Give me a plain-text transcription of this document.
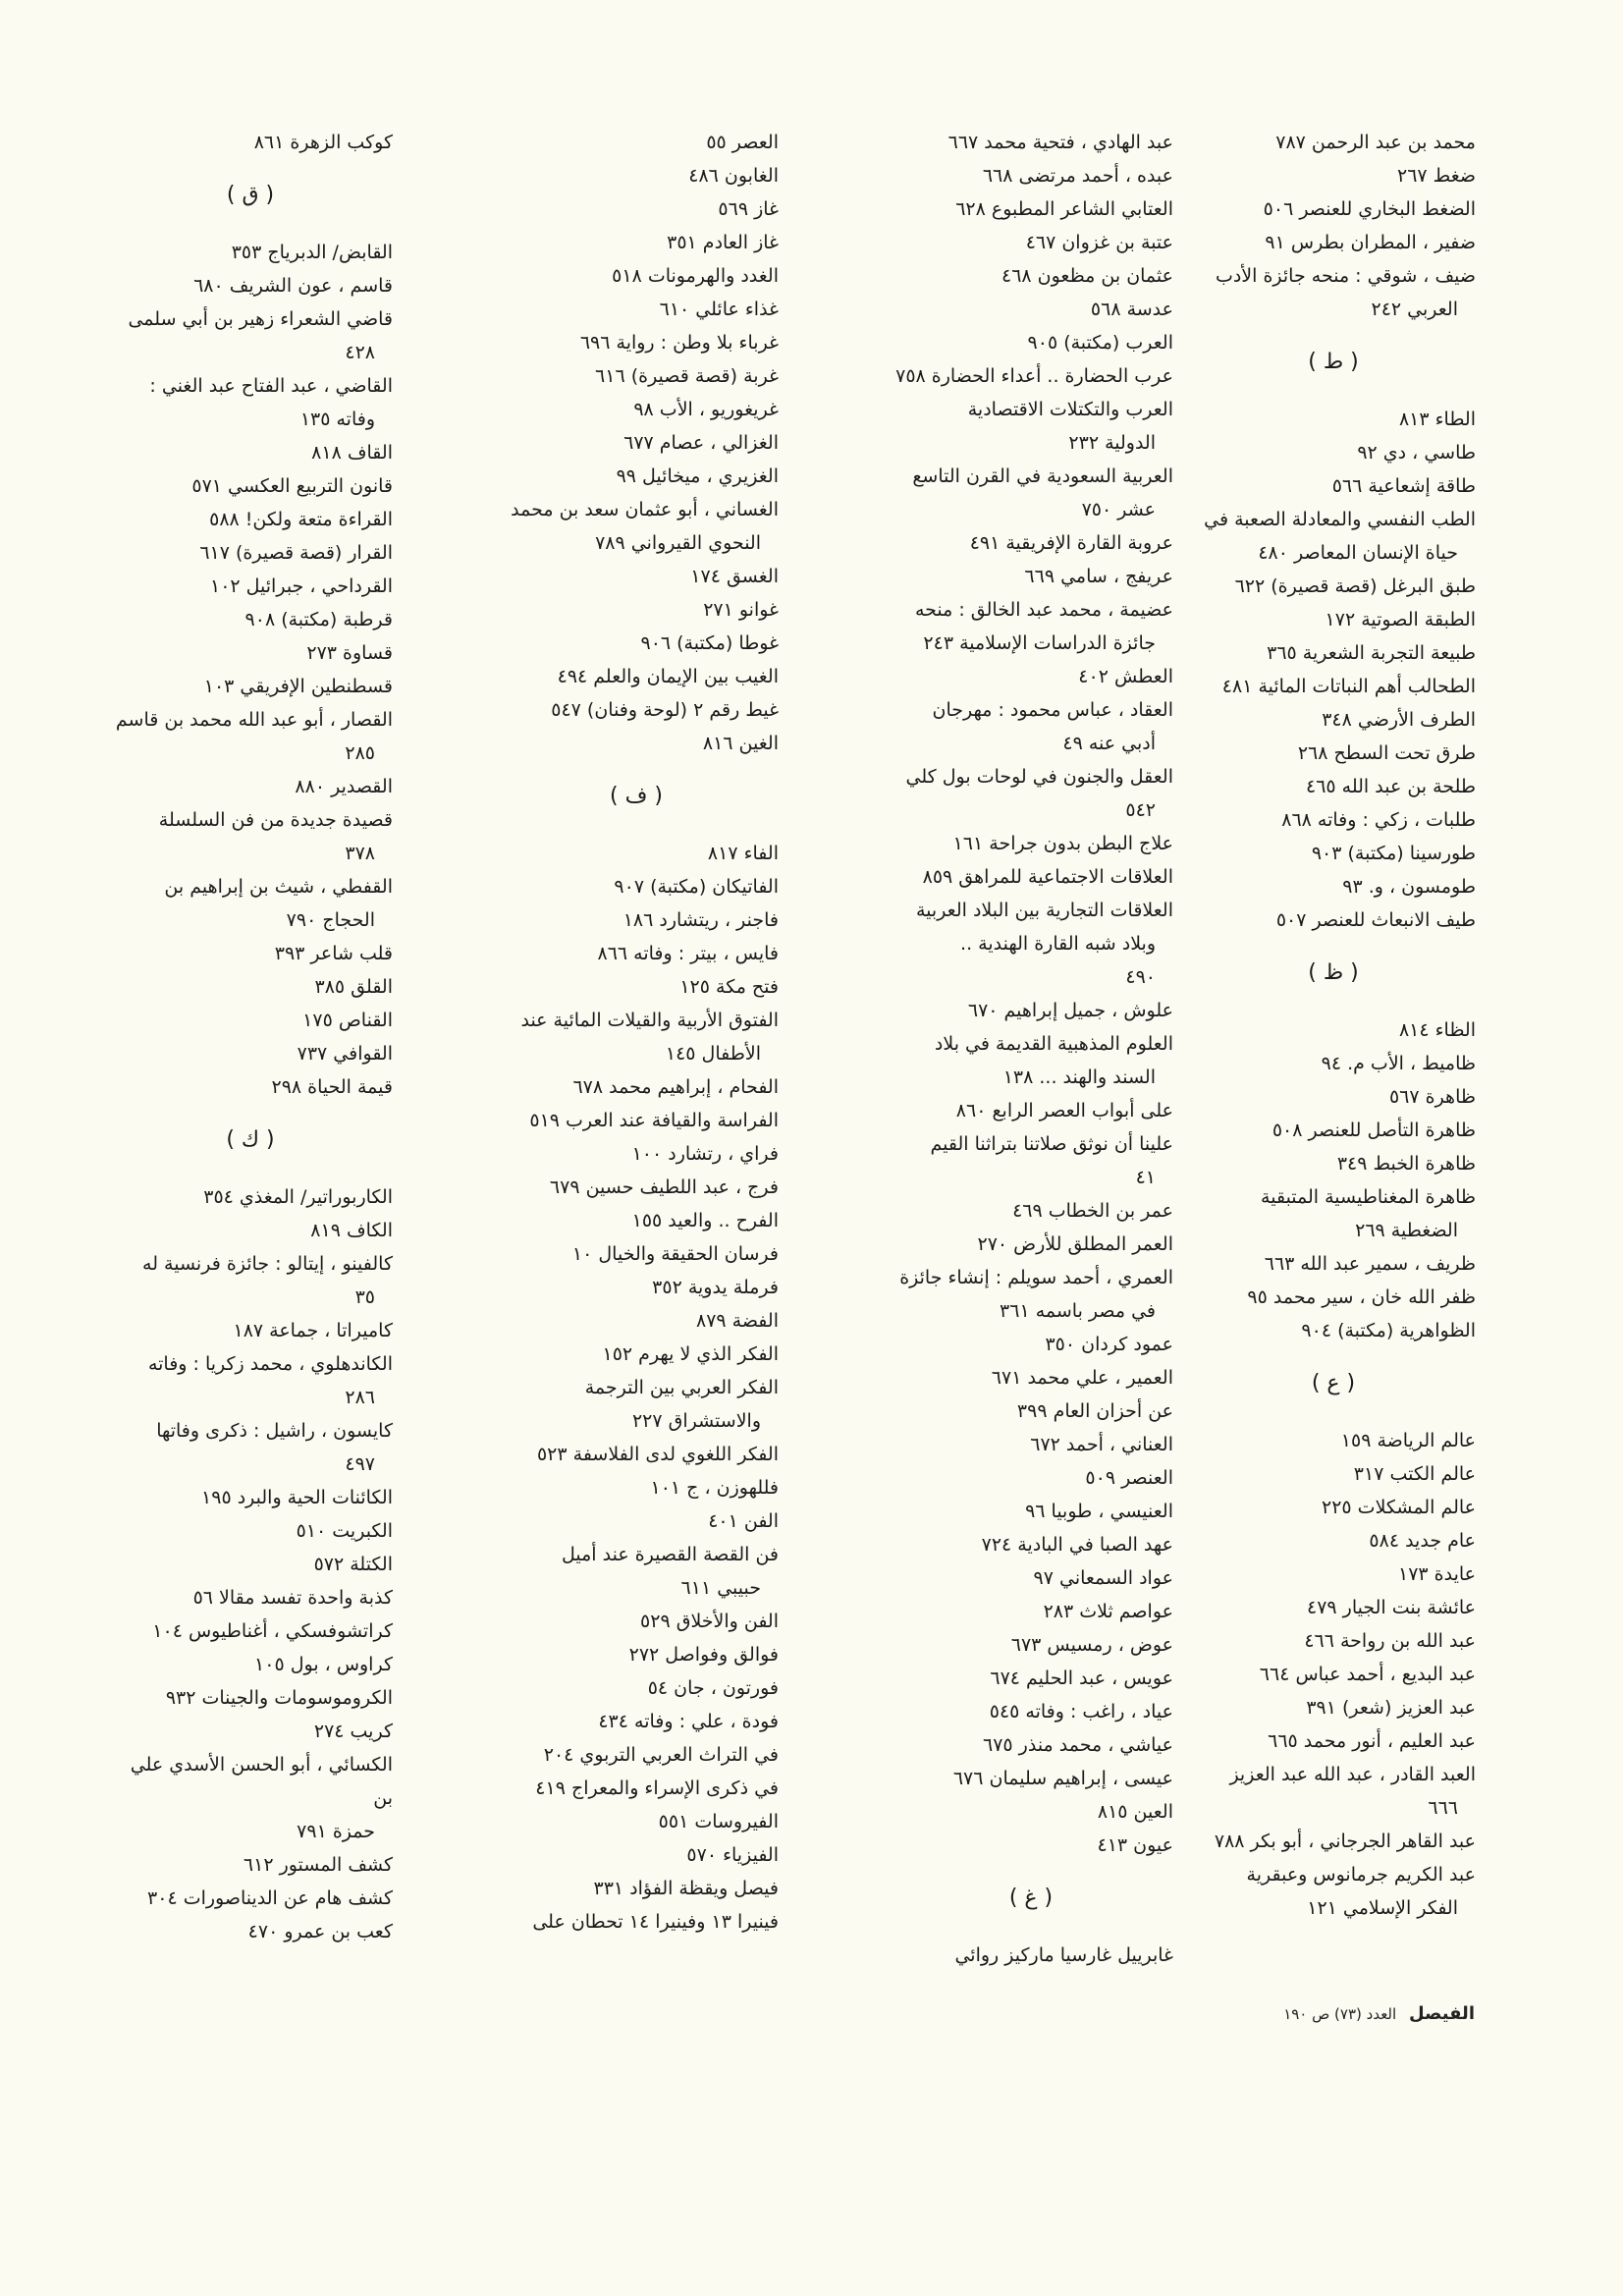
محمد بن عبد الرحمن ٧٨٧
ضغط ٢٦٧
الضغط البخاري للعنصر ٥٠٦
ضفير ، المطران بطرس ٩١
ضيف ، شوقي : منحه جائزة الأدب
العربي ٢٤٢
( ط )
الطاء ٨١٣
طاسي ، دي ٩٢
طاقة إشعاعية ٥٦٦
الطب النفسي والمعادلة الصعبة في
حياة الإنسان المعاصر ٤٨٠
طبق البرغل (قصة قصيرة) ٦٢٢
الطبقة الصوتية ١٧٢
طبيعة التجربة الشعرية ٣٦٥
الطحالب أهم النباتات المائية ٤٨١
الطرف الأرضي ٣٤٨
طرق تحت السطح ٢٦٨
طلحة بن عبد الله ٤٦٥
طلبات ، زكي : وفاته ٨٦٨
طورسينا (مكتبة) ٩٠٣
طومسون ، و. ٩٣
طيف الانبعاث للعنصر ٥٠٧
( ظ )
الظاء ٨١٤
ظاميط ، الأب م. ٩٤
ظاهرة ٥٦٧
ظاهرة التأصل للعنصر ٥٠٨
ظاهرة الخبط ٣٤٩
ظاهرة المغناطيسية المتبقية
الضغطية ٢٦٩
ظريف ، سمير عبد الله ٦٦٣
ظفر الله خان ، سير محمد ٩٥
الظواهرية (مكتبة) ٩٠٤
( ع )
عالم الرياضة ١٥٩
عالم الكتب ٣١٧
عالم المشكلات ٢٢٥
عام جديد ٥٨٤
عايدة ١٧٣
عائشة بنت الجيار ٤٧٩
عبد الله بن رواحة ٤٦٦
عبد البديع ، أحمد عباس ٦٦٤
عبد العزيز (شعر) ٣٩١
عبد العليم ، أنور محمد ٦٦٥
العبد القادر ، عبد الله عبد العزيز
٦٦٦
عبد القاهر الجرجاني ، أبو بكر ٧٨٨
عبد الكريم جرمانوس وعبقرية
الفكر الإسلامي ١٢١
عبد الهادي ، فتحية محمد ٦٦٧
عبده ، أحمد مرتضى ٦٦٨
العتابي الشاعر المطبوع ٦٢٨
عتبة بن غزوان ٤٦٧
عثمان بن مظعون ٤٦٨
عدسة ٥٦٨
العرب (مكتبة) ٩٠٥
عرب الحضارة .. أعداء الحضارة ٧٥٨
العرب والتكتلات الاقتصادية
الدولية ٢٣٢
العربية السعودية في القرن التاسع
عشر ٧٥٠
عروبة القارة الإفريقية ٤٩١
عريفج ، سامي ٦٦٩
عضيمة ، محمد عبد الخالق : منحه
جائزة الدراسات الإسلامية ٢٤٣
العطش ٤٠٢
العقاد ، عباس محمود : مهرجان
أدبي عنه ٤٩
العقل والجنون في لوحات بول كلي
٥٤٢
علاج البطن بدون جراحة ١٦١
العلاقات الاجتماعية للمراهق ٨٥٩
العلاقات التجارية بين البلاد العربية
وبلاد شبه القارة الهندية ..
٤٩٠
علوش ، جميل إبراهيم ٦٧٠
العلوم المذهبية القديمة في بلاد
السند والهند ... ١٣٨
على أبواب العصر الرابع ٨٦٠
علينا أن نوثق صلاتنا بتراثنا القيم
٤١
عمر بن الخطاب ٤٦٩
العمر المطلق للأرض ٢٧٠
العمري ، أحمد سويلم : إنشاء جائزة
في مصر باسمه ٣٦١
عمود كردان ٣٥٠
العمير ، علي محمد ٦٧١
عن أحزان العام ٣٩٩
العناني ، أحمد ٦٧٢
العنصر ٥٠٩
العنيسي ، طوبيا ٩٦
عهد الصبا في البادية ٧٢٤
عواد السمعاني ٩٧
عواصم ثلاث ٢٨٣
عوض ، رمسيس ٦٧٣
عويس ، عبد الحليم ٦٧٤
عياد ، راغب : وفاته ٥٤٥
عياشي ، محمد منذر ٦٧٥
عيسى ، إبراهيم سليمان ٦٧٦
العين ٨١٥
عيون ٤١٣
( غ )
غابرييل غارسيا ماركيز روائي
العصر ٥٥
الغابون ٤٨٦
غاز ٥٦٩
غاز العادم ٣٥١
الغدد والهرمونات ٥١٨
غذاء عائلي ٦١٠
غرباء بلا وطن : رواية ٦٩٦
غربة (قصة قصيرة) ٦١٦
غريغوريو ، الأب ٩٨
الغزالي ، عصام ٦٧٧
الغزيري ، ميخائيل ٩٩
الغساني ، أبو عثمان سعد بن محمد
النحوي القيرواني ٧٨٩
الغسق ١٧٤
غوانو ٢٧١
غوطا (مكتبة) ٩٠٦
الغيب بين الإيمان والعلم ٤٩٤
غيط رقم ٢ (لوحة وفنان) ٥٤٧
الغين ٨١٦
( ف )
الفاء ٨١٧
الفاتيكان (مكتبة) ٩٠٧
فاجنر ، ريتشارد ١٨٦
فايس ، بيتر : وفاته ٨٦٦
فتح مكة ١٢٥
الفتوق الأربية والقيلات المائية عند
الأطفال ١٤٥
الفحام ، إبراهيم محمد ٦٧٨
الفراسة والقيافة عند العرب ٥١٩
فراي ، رتشارد ١٠٠
فرج ، عبد اللطيف حسين ٦٧٩
الفرح .. والعيد ١٥٥
فرسان الحقيقة والخيال ١٠
فرملة يدوية ٣٥٢
الفضة ٨٧٩
الفكر الذي لا يهرم ١٥٢
الفكر العربي بين الترجمة
والاستشراق ٢٢٧
الفكر اللغوي لدى الفلاسفة ٥٢٣
فللهوزن ، ج ١٠١
الفن ٤٠١
فن القصة القصيرة عند أميل
حبيبي ٦١١
الفن والأخلاق ٥٢٩
فوالق وفواصل ٢٧٢
فورتون ، جان ٥٤
فودة ، علي : وفاته ٤٣٤
في التراث العربي التربوي ٢٠٤
في ذكرى الإسراء والمعراج ٤١٩
الفيروسات ٥٥١
الفيزياء ٥٧٠
فيصل ويقظة الفؤاد ٣٣١
فينيرا ١٣ وفينيرا ١٤ تحطان على
كوكب الزهرة ٨٦١
( ق )
القابض/ الدبرياج ٣٥٣
قاسم ، عون الشريف ٦٨٠
قاضي الشعراء زهير بن أبي سلمى
٤٢٨
القاضي ، عبد الفتاح عبد الغني :
وفاته ١٣٥
القاف ٨١٨
قانون التربيع العكسي ٥٧١
القراءة متعة ولكن! ٥٨٨
القرار (قصة قصيرة) ٦١٧
القرداحي ، جبرائيل ١٠٢
قرطبة (مكتبة) ٩٠٨
قساوة ٢٧٣
قسطنطين الإفريقي ١٠٣
القصار ، أبو عبد الله محمد بن قاسم
٢٨٥
القصدير ٨٨٠
قصيدة جديدة من فن السلسلة
٣٧٨
القفطي ، شيث بن إبراهيم بن
الحجاج ٧٩٠
قلب شاعر ٣٩٣
القلق ٣٨٥
القناص ١٧٥
القوافي ٧٣٧
قيمة الحياة ٢٩٨
( ك )
الكاربوراتير/ المغذي ٣٥٤
الكاف ٨١٩
كالفينو ، إيتالو : جائزة فرنسية له
٣٥
كاميراتا ، جماعة ١٨٧
الكاندهلوي ، محمد زكريا : وفاته
٢٨٦
كايسون ، راشيل : ذكرى وفاتها
٤٩٧
الكائنات الحية والبرد ١٩٥
الكبريت ٥١٠
الكتلة ٥٧٢
كذبة واحدة تفسد مقالا ٥٦
كراتشوفسكي ، أغناطيوس ١٠٤
كراوس ، بول ١٠٥
الكروموسومات والجينات ٩٣٢
كريب ٢٧٤
الكسائي ، أبو الحسن الأسدي علي بن
حمزة ٧٩١
كشف المستور ٦١٢
كشف هام عن الديناصورات ٣٠٤
كعب بن عمرو ٤٧٠
الفيصل العدد (٧٣) ص ١٩٠
